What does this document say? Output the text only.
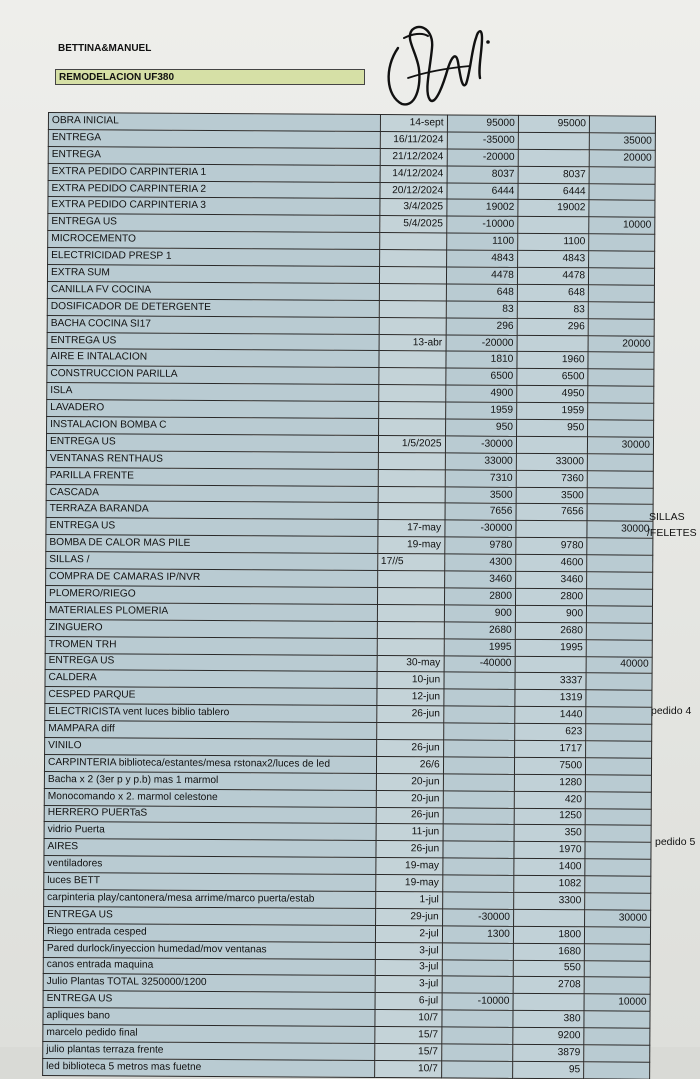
BETTINA&MANUEL
REMODELACION UF380
OBRA INICIAL	14-sept	95000	95000	
ENTREGA	16/11/2024	-35000		35000
ENTREGA	21/12/2024	-20000		20000
EXTRA PEDIDO CARPINTERIA 1	14/12/2024	8037	8037	
EXTRA PEDIDO CARPINTERIA 2	20/12/2024	6444	6444	
EXTRA PEDIDO CARPINTERIA 3	3/4/2025	19002	19002	
ENTREGA US	5/4/2025	-10000		10000
MICROCEMENTO		1100	1100	
ELECTRICIDAD PRESP 1		4843	4843	
EXTRA SUM		4478	4478	
CANILLA FV COCINA		648	648	
DOSIFICADOR DE DETERGENTE		83	83	
BACHA COCINA SI17		296	296	
ENTREGA US	13-abr	-20000		20000
AIRE E INTALACION		1810	1960	
CONSTRUCCION PARILLA		6500	6500	
ISLA		4900	4950	
LAVADERO		1959	1959	
INSTALACION BOMBA C		950	950	
ENTREGA US	1/5/2025	-30000		30000
VENTANAS RENTHAUS		33000	33000	
PARILLA FRENTE		7310	7360	
CASCADA		3500	3500	
TERRAZA BARANDA		7656	7656	
ENTREGA US	17-may	-30000		30000
BOMBA DE CALOR MAS PILE	19-may	9780	9780	
SILLAS /	17//5	4300	4600	
COMPRA DE CAMARAS IP/NVR		3460	3460	
PLOMERO/RIEGO		2800	2800	
MATERIALES PLOMERIA		900	900	
ZINGUERO		2680	2680	
TROMEN TRH		1995	1995	
ENTREGA US	30-may	-40000		40000
CALDERA	10-jun		3337	
CESPED PARQUE	12-jun		1319	
ELECTRICISTA vent luces biblio tablero	26-jun		1440	
MAMPARA diff			623	
VINILO	26-jun		1717	
CARPINTERIA biblioteca/estantes/mesa rstonax2/luces de led	26/6		7500	
Bacha x 2 (3er p y p.b) mas 1 marmol	20-jun		1280	
Monocomando x 2. marmol celestone	20-jun		420	
HERRERO PUERTaS	26-jun		1250	
vidrio Puerta	11-jun		350	
AIRES	26-jun		1970	
ventiladores	19-may		1400	
luces BETT	19-may		1082	
carpinteria play/cantonera/mesa arrime/marco puerta/estab	1-jul		3300	
ENTREGA US	29-jun	-30000		30000
Riego entrada cesped	2-jul	1300	1800	
Pared durlock/inyeccion humedad/mov ventanas	3-jul		1680	
canos entrada maquina	3-jul		550	
Julio Plantas TOTAL 3250000/1200	3-jul		2708	
ENTREGA US	6-jul	-10000		10000
apliques bano	10/7		380	
marcelo pedido final	15/7		9200	
julio plantas terraza frente	15/7		3879	
led biblioteca 5 metros mas fuetne	10/7		95	
SILLAS
/FELETES
pedido 4
pedido 5
